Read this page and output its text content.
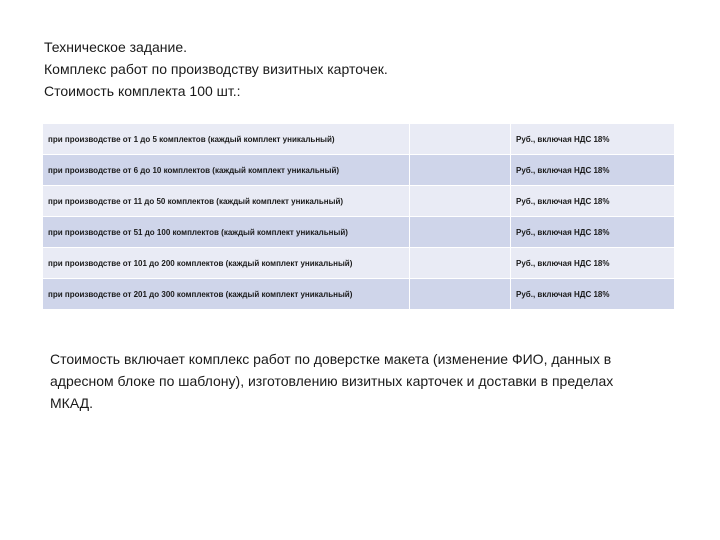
Техническое задание.
Комплекс работ по производству визитных карточек.
Стоимость комплекта 100 шт.:
при производстве от 1 до 5 комплектов (каждый комплект уникальный)		Руб., включая НДС 18%
при производстве от 6 до 10 комплектов (каждый комплект уникальный)		Руб., включая НДС 18%
при производстве от 11 до 50 комплектов (каждый комплект уникальный)		Руб., включая НДС 18%
при производстве от 51 до 100 комплектов (каждый комплект уникальный)		Руб., включая НДС 18%
при производстве от 101 до 200 комплектов (каждый комплект уникальный)		Руб., включая НДС 18%
при производстве от 201 до 300 комплектов (каждый комплект уникальный)		Руб., включая НДС 18%
Стоимость включает комплекс работ по доверстке макета (изменение ФИО, данных в адресном блоке по шаблону), изготовлению визитных карточек и доставки в пределах МКАД.
